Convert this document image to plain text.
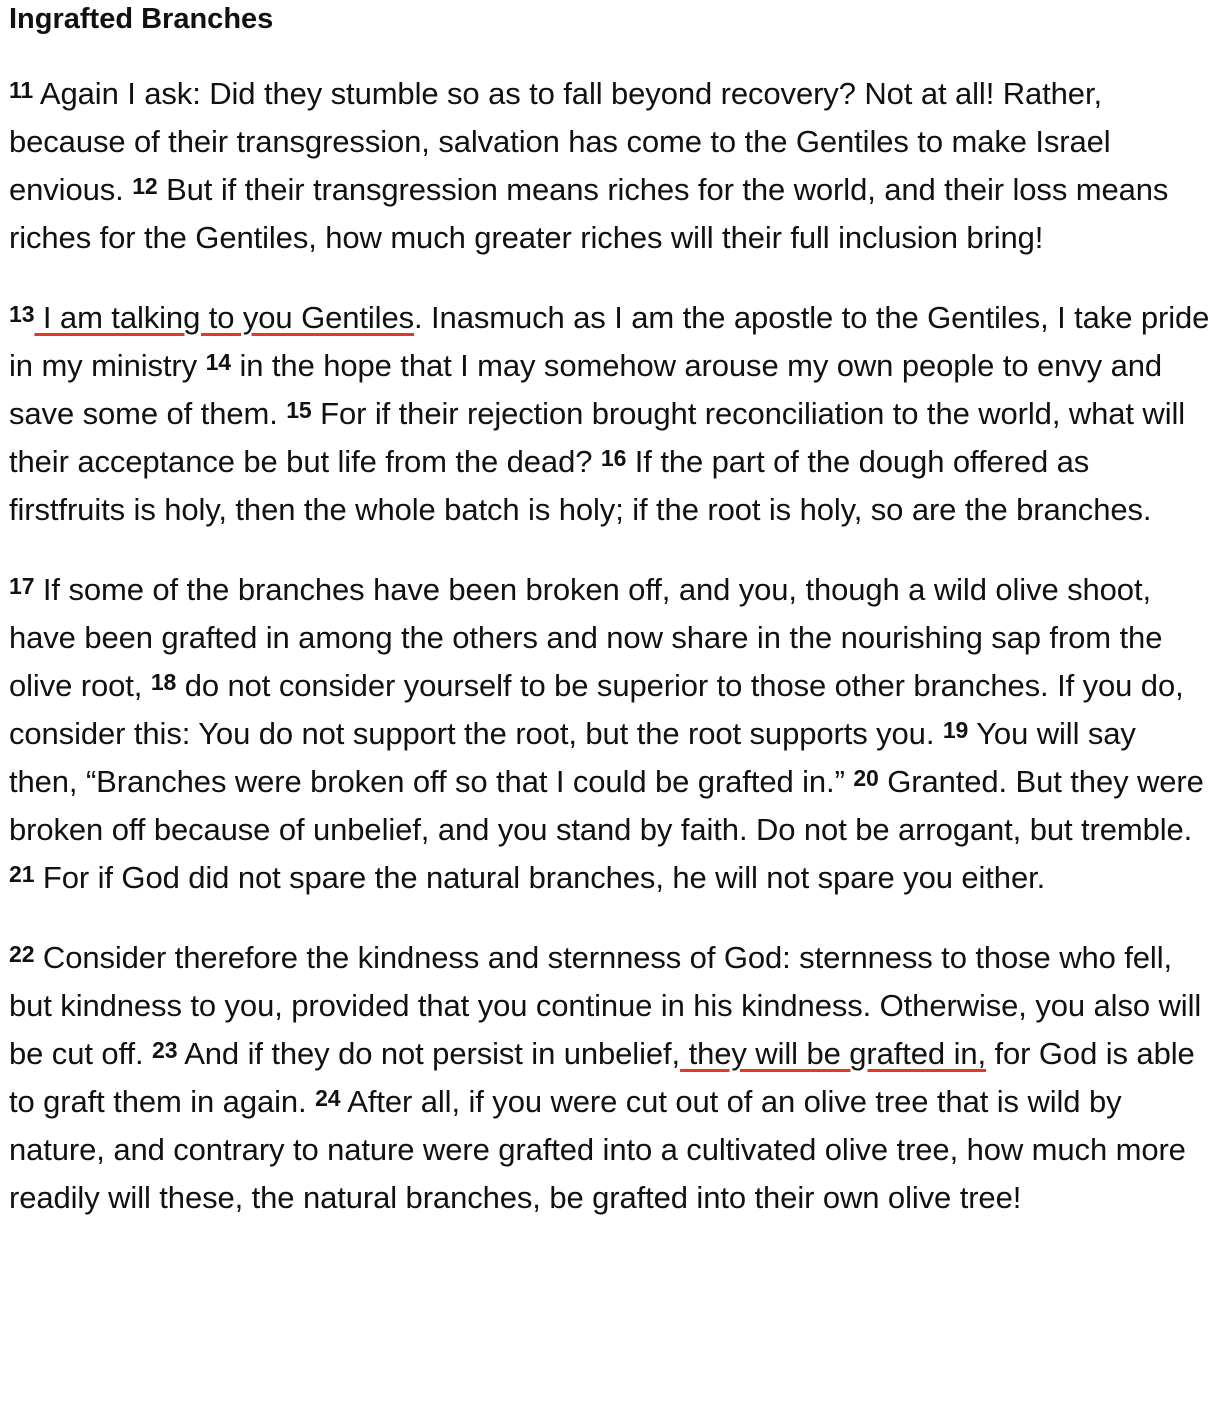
Ingrafted Branches

11 Again I ask: Did they stumble so as to fall beyond recovery? Not at all! Rather, because of their transgression, salvation has come to the Gentiles to make Israel envious. 12 But if their transgression means riches for the world, and their loss means riches for the Gentiles, how much greater riches will their full inclusion bring!

13 I am talking to you Gentiles. Inasmuch as I am the apostle to the Gentiles, I take pride in my ministry 14 in the hope that I may somehow arouse my own people to envy and save some of them. 15 For if their rejection brought reconciliation to the world, what will their acceptance be but life from the dead? 16 If the part of the dough offered as firstfruits is holy, then the whole batch is holy; if the root is holy, so are the branches.

17 If some of the branches have been broken off, and you, though a wild olive shoot, have been grafted in among the others and now share in the nourishing sap from the olive root, 18 do not consider yourself to be superior to those other branches. If you do, consider this: You do not support the root, but the root supports you. 19 You will say then, “Branches were broken off so that I could be grafted in.” 20 Granted. But they were broken off because of unbelief, and you stand by faith. Do not be arrogant, but tremble. 21 For if God did not spare the natural branches, he will not spare you either.

22 Consider therefore the kindness and sternness of God: sternness to those who fell, but kindness to you, provided that you continue in his kindness. Otherwise, you also will be cut off. 23 And if they do not persist in unbelief, they will be grafted in, for God is able to graft them in again. 24 After all, if you were cut out of an olive tree that is wild by nature, and contrary to nature were grafted into a cultivated olive tree, how much more readily will these, the natural branches, be grafted into their own olive tree!
